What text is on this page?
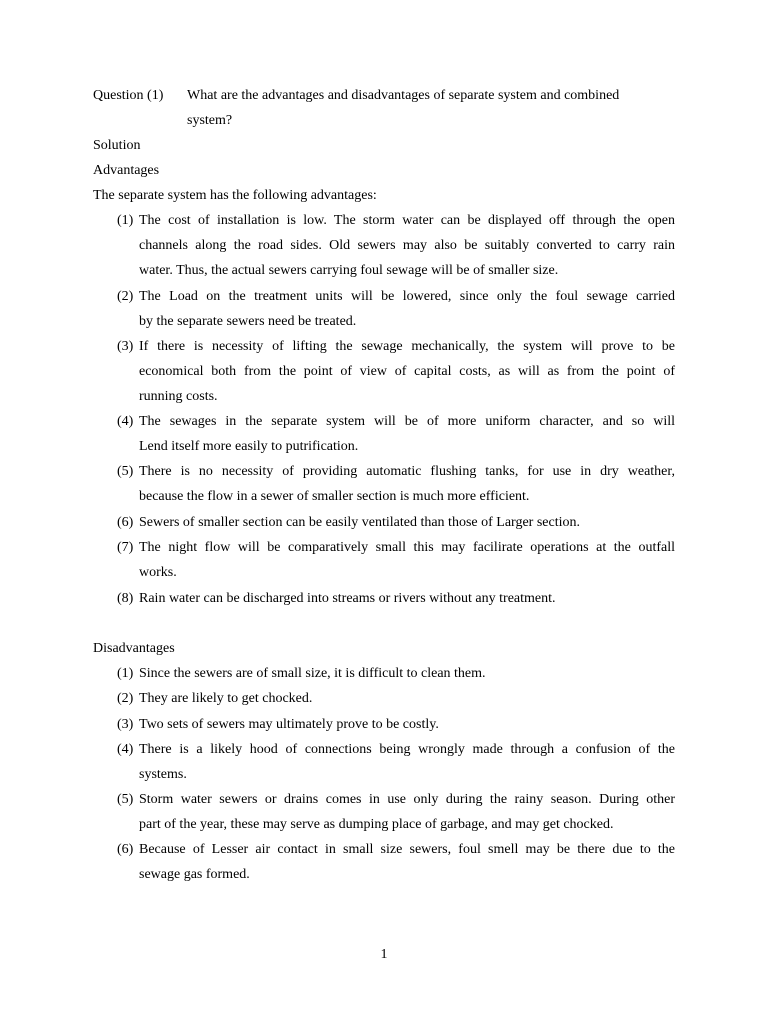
Question (1) What are the advantages and disadvantages of separate system and combined
system?
Solution
Advantages
The separate system has the following advantages:
(1) The cost of installation is low. The storm water can be displayed off through the open
channels along the road sides. Old sewers may also be suitably converted to carry rain
water. Thus, the actual sewers carrying foul sewage will be of smaller size.
(2) The Load on the treatment units will be lowered, since only the foul sewage carried
by the separate sewers need be treated.
(3) If there is necessity of lifting the sewage mechanically, the system will prove to be
economical both from the point of view of capital costs, as will as from the point of
running costs.
(4) The sewages in the separate system will be of more uniform character, and so will
Lend itself more easily to putrification.
(5) There is no necessity of providing automatic flushing tanks, for use in dry weather,
because the flow in a sewer of smaller section is much more efficient.
(6) Sewers of smaller section can be easily ventilated than those of Larger section.
(7) The night flow will be comparatively small this may facilirate operations at the outfall
works.
(8) Rain water can be discharged into streams or rivers without any treatment.
Disadvantages
(1) Since the sewers are of small size, it is difficult to clean them.
(2) They are likely to get chocked.
(3) Two sets of sewers may ultimately prove to be costly.
(4) There is a likely hood of connections being wrongly made through a confusion of the
systems.
(5) Storm water sewers or drains comes in use only during the rainy season. During other
part of the year, these may serve as dumping place of garbage, and may get chocked.
(6) Because of Lesser air contact in small size sewers, foul smell may be there due to the
sewage gas formed.
1
